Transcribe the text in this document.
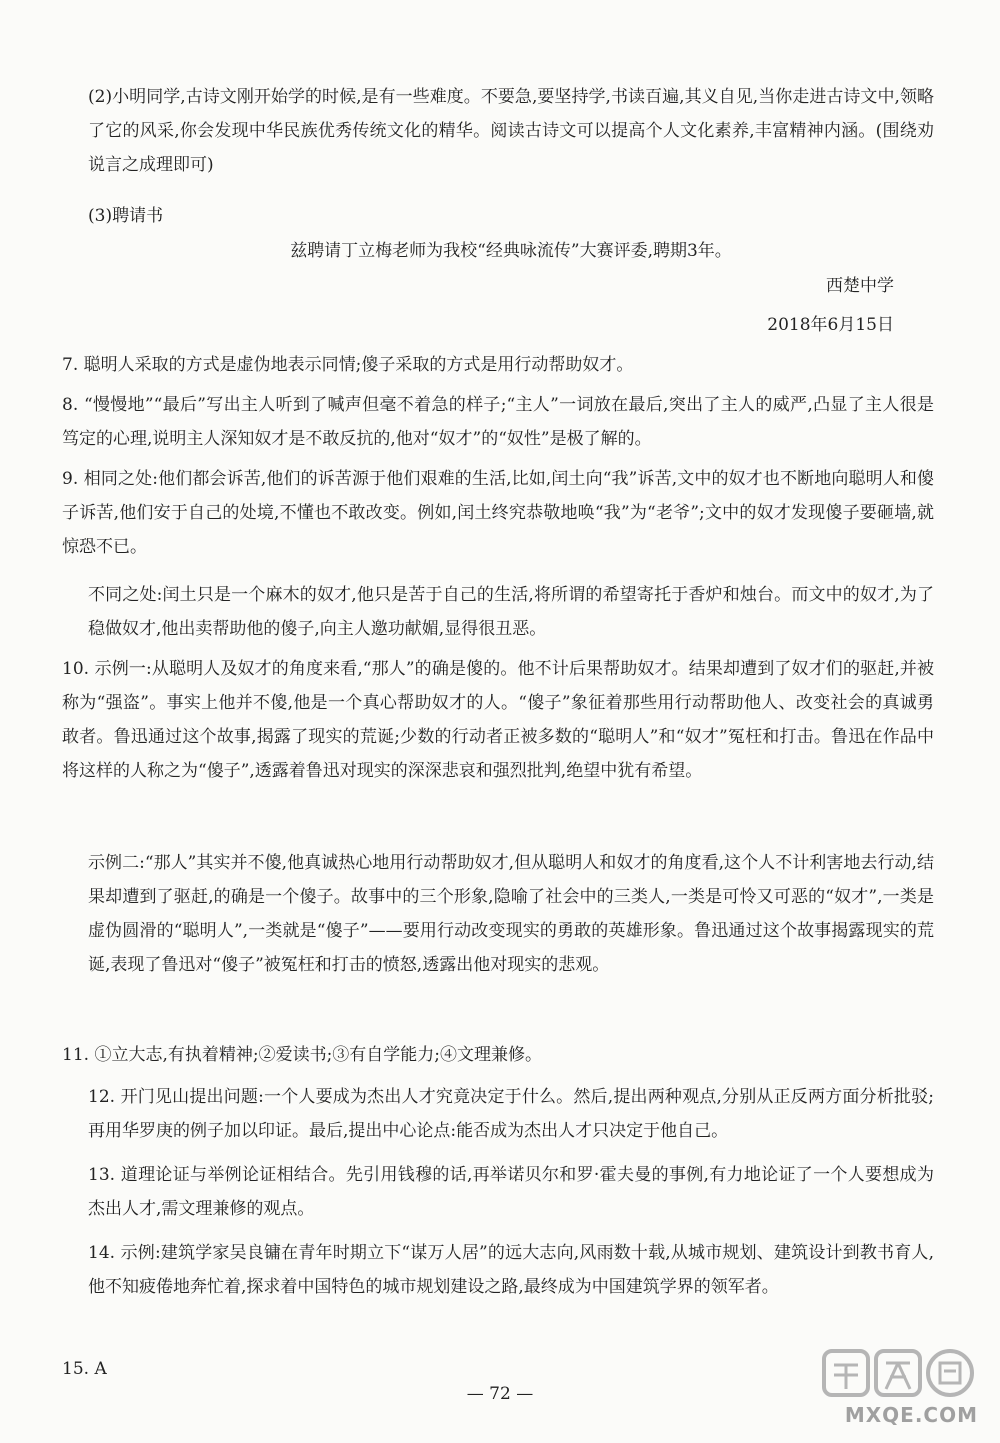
(2)小明同学,古诗文刚开始学的时候,是有一些难度。不要急,要坚持学,书读百遍,其义自见,当你走进古诗文中,领略了它的风采,你会发现中华民族优秀传统文化的精华。阅读古诗文可以提高个人文化素养,丰富精神内涵。(围绕劝说言之成理即可)

(3)聘请书

兹聘请丁立梅老师为我校“经典咏流传”大赛评委,聘期3年。

西楚中学

2018年6月15日

7. 聪明人采取的方式是虚伪地表示同情;傻子采取的方式是用行动帮助奴才。

8. “慢慢地”“最后”写出主人听到了喊声但毫不着急的样子;“主人”一词放在最后,突出了主人的威严,凸显了主人很是笃定的心理,说明主人深知奴才是不敢反抗的,他对“奴才”的“奴性”是极了解的。

9. 相同之处:他们都会诉苦,他们的诉苦源于他们艰难的生活,比如,闰土向“我”诉苦,文中的奴才也不断地向聪明人和傻子诉苦,他们安于自己的处境,不懂也不敢改变。例如,闰土终究恭敬地唤“我”为“老爷”;文中的奴才发现傻子要砸墙,就惊恐不已。

不同之处:闰土只是一个麻木的奴才,他只是苦于自己的生活,将所谓的希望寄托于香炉和烛台。而文中的奴才,为了稳做奴才,他出卖帮助他的傻子,向主人邀功献媚,显得很丑恶。

10. 示例一:从聪明人及奴才的角度来看,“那人”的确是傻的。他不计后果帮助奴才。结果却遭到了奴才们的驱赶,并被称为“强盗”。事实上他并不傻,他是一个真心帮助奴才的人。“傻子”象征着那些用行动帮助他人、改变社会的真诚勇敢者。鲁迅通过这个故事,揭露了现实的荒诞;少数的行动者正被多数的“聪明人”和“奴才”冤枉和打击。鲁迅在作品中将这样的人称之为“傻子”,透露着鲁迅对现实的深深悲哀和强烈批判,绝望中犹有希望。

示例二:“那人”其实并不傻,他真诚热心地用行动帮助奴才,但从聪明人和奴才的角度看,这个人不计利害地去行动,结果却遭到了驱赶,的确是一个傻子。故事中的三个形象,隐喻了社会中的三类人,一类是可怜又可恶的“奴才”,一类是虚伪圆滑的“聪明人”,一类就是“傻子”——要用行动改变现实的勇敢的英雄形象。鲁迅通过这个故事揭露现实的荒诞,表现了鲁迅对“傻子”被冤枉和打击的愤怒,透露出他对现实的悲观。

11. ①立大志,有执着精神;②爱读书;③有自学能力;④文理兼修。

12. 开门见山提出问题:一个人要成为杰出人才究竟决定于什么。然后,提出两种观点,分别从正反两方面分析批驳;再用华罗庚的例子加以印证。最后,提出中心论点:能否成为杰出人才只决定于他自己。

13. 道理论证与举例论证相结合。先引用钱穆的话,再举诺贝尔和罗·霍夫曼的事例,有力地论证了一个人要想成为杰出人才,需文理兼修的观点。

14. 示例:建筑学家吴良镛在青年时期立下“谋万人居”的远大志向,风雨数十载,从城市规划、建筑设计到教书育人,他不知疲倦地奔忙着,探求着中国特色的城市规划建设之路,最终成为中国建筑学界的领军者。

15. A

— 72 —
MXQE.COM
